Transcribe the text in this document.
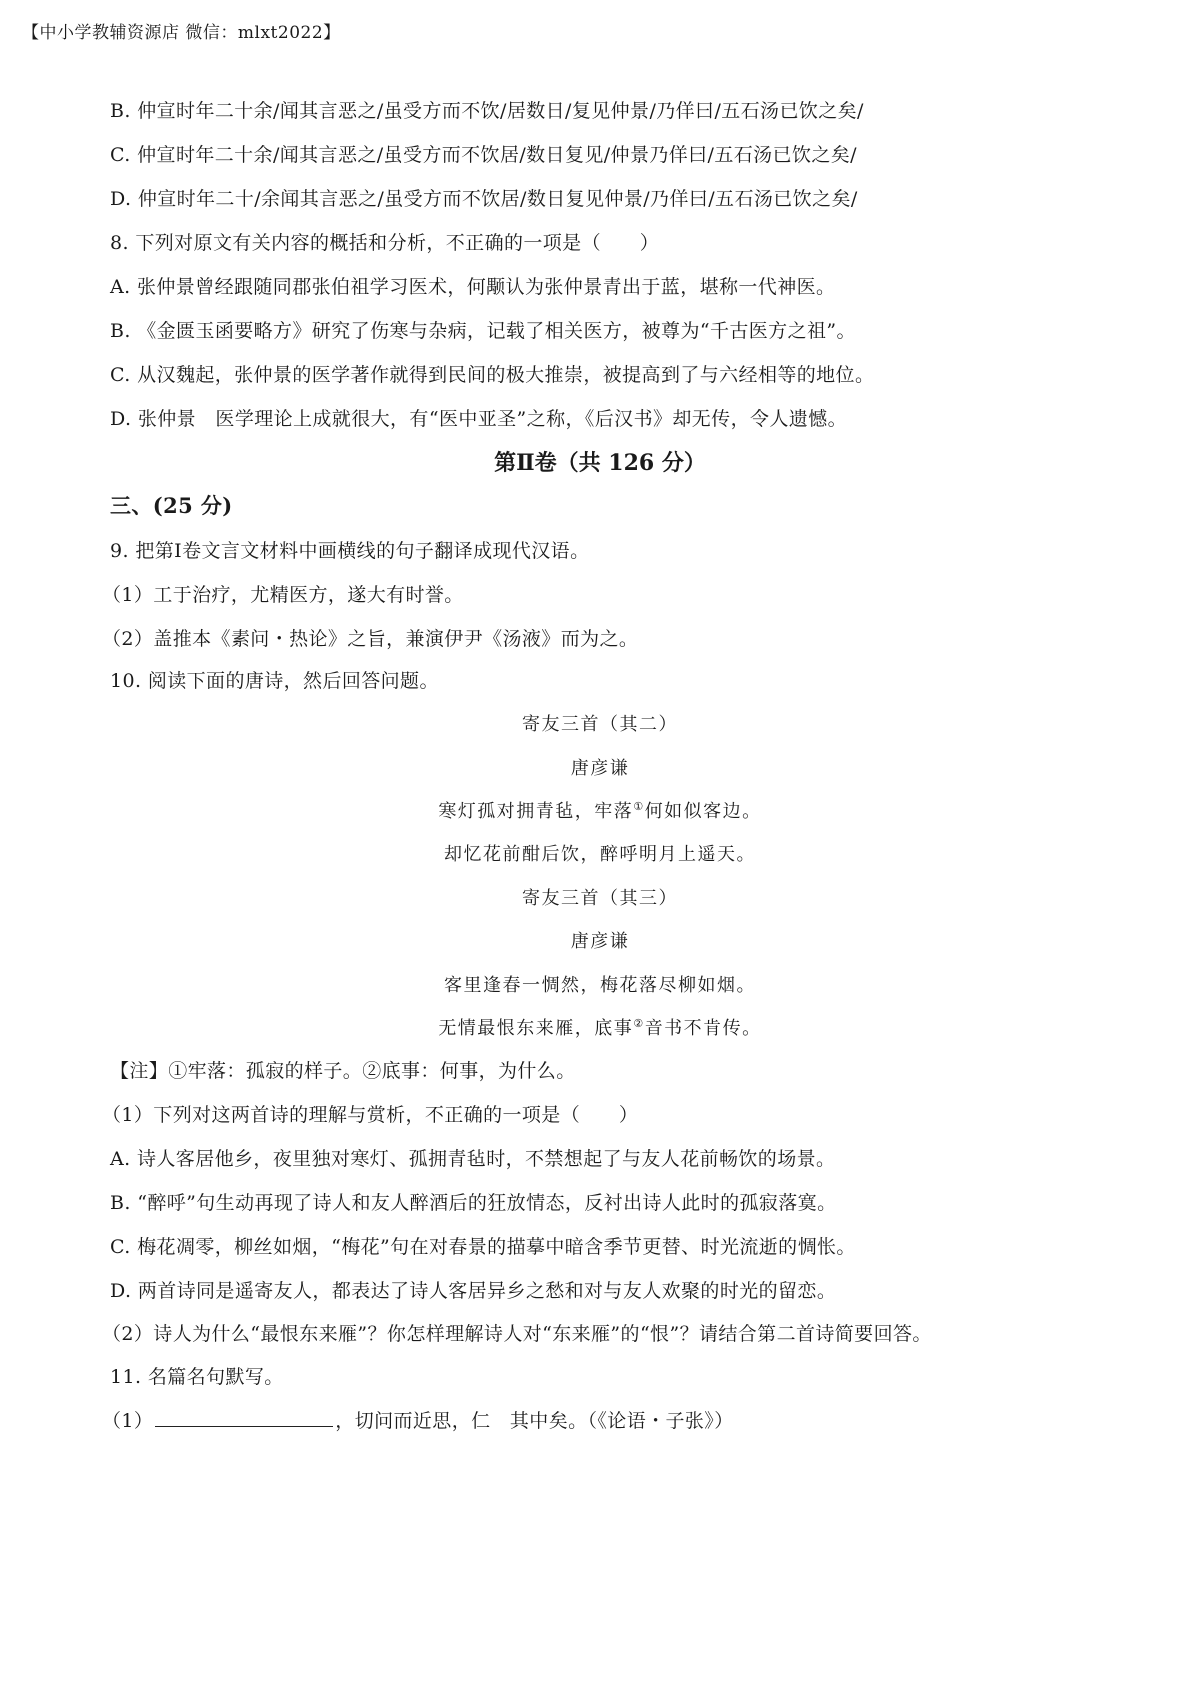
【中小学教辅资源店 微信：mlxt2022】
B. 仲宣时年二十余/闻其言恶之/虽受方而不饮/居数日/复见仲景/乃佯曰/五石汤已饮之矣/
C. 仲宣时年二十余/闻其言恶之/虽受方而不饮居/数日复见/仲景乃佯曰/五石汤已饮之矣/
D. 仲宣时年二十/余闻其言恶之/虽受方而不饮居/数日复见仲景/乃佯曰/五石汤已饮之矣/
8. 下列对原文有关内容的概括和分析，不正确的一项是（　　）
A. 张仲景曾经跟随同郡张伯祖学习医术，何颙认为张仲景青出于蓝，堪称一代神医。
B. 《金匮玉函要略方》研究了伤寒与杂病，记载了相关医方，被尊为“千古医方之祖”。
C. 从汉魏起，张仲景的医学著作就得到民间的极大推崇，被提高到了与六经相等的地位。
D. 张仲景　医学理论上成就很大，有“医中亚圣”之称，《后汉书》却无传，令人遗憾。
第Ⅱ卷（共 126 分）
三、(25 分)
9. 把第Ⅰ卷文言文材料中画横线的句子翻译成现代汉语。
（1）工于治疗，尤精医方，遂大有时誉。
（2）盖推本《素问・热论》之旨，兼演伊尹《汤液》而为之。
10. 阅读下面的唐诗，然后回答问题。
寄友三首（其二）
唐彦谦
寒灯孤对拥青毡，牢落①何如似客边。
却忆花前酣后饮，醉呼明月上遥天。
寄友三首（其三）
唐彦谦
客里逢春一惆然，梅花落尽柳如烟。
无情最恨东来雁，底事②音书不肯传。
【注】①牢落：孤寂的样子。②底事：何事，为什么。
（1）下列对这两首诗的理解与赏析，不正确的一项是（　　）
A. 诗人客居他乡，夜里独对寒灯、孤拥青毡时，不禁想起了与友人花前畅饮的场景。
B. “醉呼”句生动再现了诗人和友人醉酒后的狂放情态，反衬出诗人此时的孤寂落寞。
C. 梅花凋零，柳丝如烟，“梅花”句在对春景的描摹中暗含季节更替、时光流逝的惆怅。
D. 两首诗同是遥寄友人，都表达了诗人客居异乡之愁和对与友人欢聚的时光的留恋。
（2）诗人为什么“最恨东来雁”？你怎样理解诗人对“东来雁”的“恨”？请结合第二首诗简要回答。
11. 名篇名句默写。
（1）	，切问而近思，仁　其中矣。（《论语・子张》）
